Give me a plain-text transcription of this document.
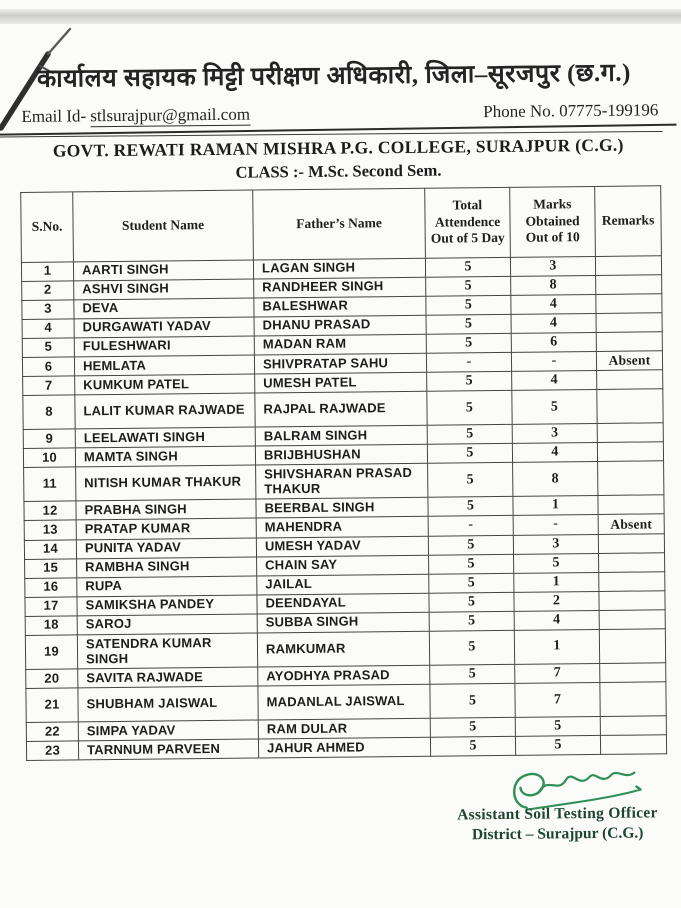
कार्यालय सहायक मिट्टी परीक्षण अधिकारी, जिला–सूरजपुर (छ.ग.)
Email Id- stlsurajpur@gmail.com	Phone No. 07775-199196
GOVT. REWATI RAMAN MISHRA P.G. COLLEGE, SURAJPUR (C.G.)
CLASS :- M.Sc. Second Sem.
S.No.	Student Name	Father’s Name	Total Attendence Out of 5 Day	Marks Obtained Out of 10	Remarks
1	AARTI SINGH	LAGAN SINGH	5	3	
2	ASHVI SINGH	RANDHEER SINGH	5	8	
3	DEVA	BALESHWAR	5	4	
4	DURGAWATI YADAV	DHANU PRASAD	5	4	
5	FULESHWARI	MADAN RAM	5	6	
6	HEMLATA	SHIVPRATAP SAHU	-	-	Absent
7	KUMKUM PATEL	UMESH PATEL	5	4	
8	LALIT KUMAR RAJWADE	RAJPAL RAJWADE	5	5	
9	LEELAWATI SINGH	BALRAM SINGH	5	3	
10	MAMTA SINGH	BRIJBHUSHAN	5	4	
11	NITISH KUMAR THAKUR	SHIVSHARAN PRASAD THAKUR	5	8	
12	PRABHA SINGH	BEERBAL SINGH	5	1	
13	PRATAP KUMAR	MAHENDRA	-	-	Absent
14	PUNITA YADAV	UMESH YADAV	5	3	
15	RAMBHA SINGH	CHAIN SAY	5	5	
16	RUPA	JAILAL	5	1	
17	SAMIKSHA PANDEY	DEENDAYAL	5	2	
18	SAROJ	SUBBA SINGH	5	4	
19	SATENDRA KUMAR SINGH	RAMKUMAR	5	1	
20	SAVITA RAJWADE	AYODHYA PRASAD	5	7	
21	SHUBHAM JAISWAL	MADANLAL JAISWAL	5	7	
22	SIMPA YADAV	RAM DULAR	5	5	
23	TARNNUM PARVEEN	JAHUR AHMED	5	5	
Assistant Soil Testing Officer
District – Surajpur (C.G.)
